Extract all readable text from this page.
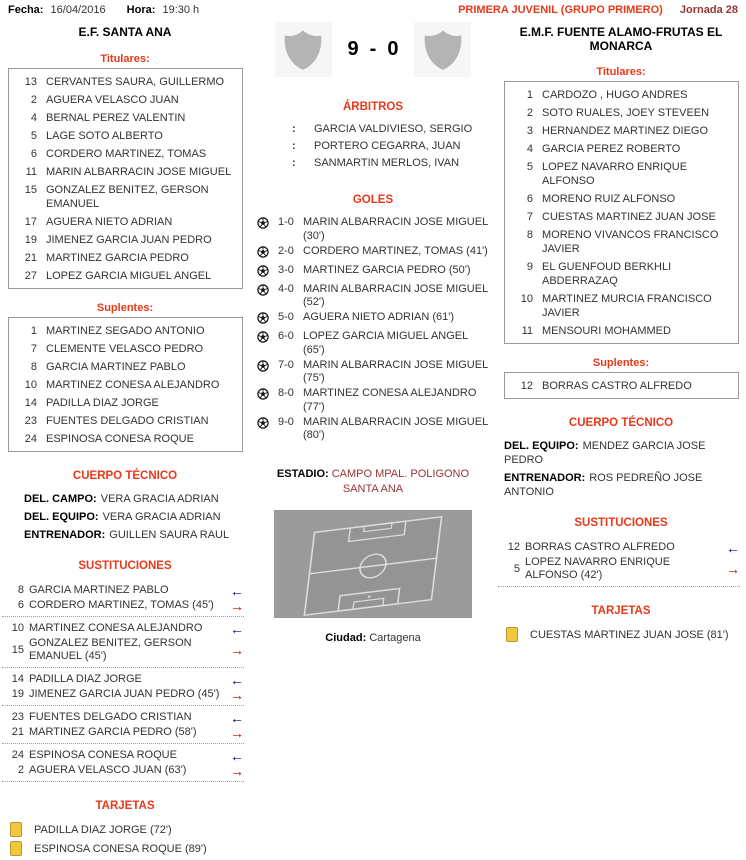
Fecha: 16/04/2016 Hora: 19:30 h	PRIMERA JUVENIL (GRUPO PRIMERO) Jornada 28
E.F. SANTA ANA
Titulares:
13 CERVANTES SAURA, GUILLERMO
2 AGUERA VELASCO JUAN
4 BERNAL PEREZ VALENTIN
5 LAGE SOTO ALBERTO
6 CORDERO MARTINEZ, TOMAS
11 MARIN ALBARRACIN JOSE MIGUEL
15 GONZALEZ BENITEZ, GERSON EMANUEL
17 AGUERA NIETO ADRIAN
19 JIMENEZ GARCIA JUAN PEDRO
21 MARTINEZ GARCIA PEDRO
27 LOPEZ GARCIA MIGUEL ANGEL
Suplentes:
1 MARTINEZ SEGADO ANTONIO
7 CLEMENTE VELASCO PEDRO
8 GARCIA MARTINEZ PABLO
10 MARTINEZ CONESA ALEJANDRO
14 PADILLA DIAZ JORGE
23 FUENTES DELGADO CRISTIAN
24 ESPINOSA CONESA ROQUE
CUERPO TÉCNICO
DEL. CAMPO: VERA GRACIA ADRIAN
DEL. EQUIPO: VERA GRACIA ADRIAN
ENTRENADOR: GUILLEN SAURA RAUL
SUSTITUCIONES
8 GARCIA MARTINEZ PABLO	←
6 CORDERO MARTINEZ, TOMAS (45')	→
10 MARTINEZ CONESA ALEJANDRO	←
15
GONZALEZ BENITEZ, GERSON EMANUEL (45')	→
14 PADILLA DIAZ JORGE	←
19 JIMENEZ GARCIA JUAN PEDRO (45') →
23 FUENTES DELGADO CRISTIAN	←
21 MARTINEZ GARCIA PEDRO (58')	→
24 ESPINOSA CONESA ROQUE	←
2 AGUERA VELASCO JUAN (63')	→
TARJETAS
PADILLA DIAZ JORGE (72')
ESPINOSA CONESA ROQUE (89')
9 - 0
ÁRBITROS
:	GARCIA VALDIVIESO, SERGIO
:	PORTERO CEGARRA, JUAN
:	SANMARTIN MERLOS, IVAN
GOLES
1-0 MARIN ALBARRACIN JOSE MIGUEL (30')
2-0 CORDERO MARTINEZ, TOMAS (41')
3-0 MARTINEZ GARCIA PEDRO (50')
4-0 MARIN ALBARRACIN JOSE MIGUEL (52')
5-0 AGUERA NIETO ADRIAN (61')
6-0 LOPEZ GARCIA MIGUEL ANGEL (65')
7-0 MARIN ALBARRACIN JOSE MIGUEL (75')
8-0 MARTINEZ CONESA ALEJANDRO (77')
9-0 MARIN ALBARRACIN JOSE MIGUEL (80')
ESTADIO: CAMPO MPAL. POLIGONO SANTA ANA
Ciudad: Cartagena
E.M.F. FUENTE ALAMO-FRUTAS EL MONARCA
Titulares:
1 CARDOZO , HUGO ANDRES
2 SOTO RUALES, JOEY STEVEEN
3 HERNANDEZ MARTINEZ DIEGO
4 GARCIA PEREZ ROBERTO
5 LOPEZ NAVARRO ENRIQUE ALFONSO
6 MORENO RUIZ ALFONSO
7 CUESTAS MARTINEZ JUAN JOSE
8 MORENO VIVANCOS FRANCISCO JAVIER
9 EL GUENFOUD BERKHLI ABDERRAZAQ
10 MARTINEZ MURCIA FRANCISCO JAVIER
11 MENSOURI MOHAMMED
Suplentes:
12 BORRAS CASTRO ALFREDO
CUERPO TÉCNICO
DEL. EQUIPO: MENDEZ GARCIA JOSE PEDRO
ENTRENADOR: ROS PEDREÑO JOSE ANTONIO
SUSTITUCIONES
12 BORRAS CASTRO ALFREDO	←
5
LOPEZ NAVARRO ENRIQUE ALFONSO (42')	→
TARJETAS
CUESTAS MARTINEZ JUAN JOSE (81')
